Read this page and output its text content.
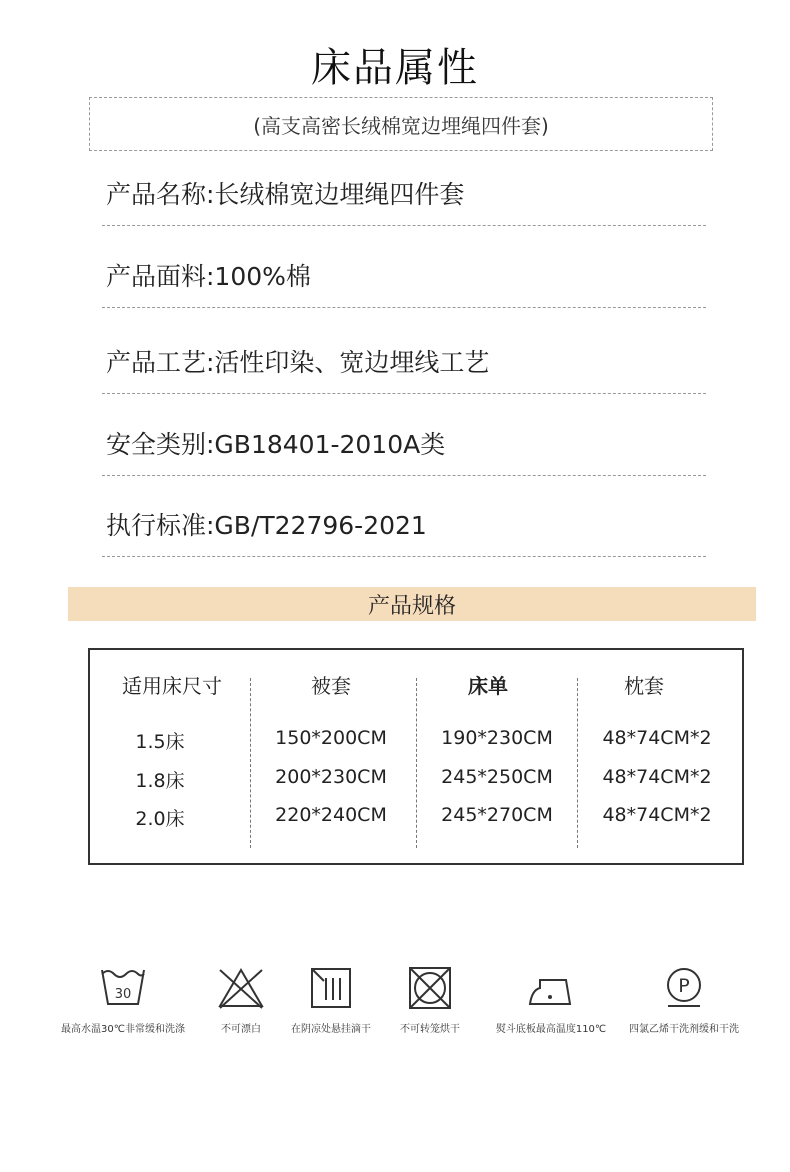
床品属性
(高支高密长绒棉宽边埋绳四件套)
产品名称:长绒棉宽边埋绳四件套
产品面料:100%棉
产品工艺:活性印染、宽边埋线工艺
安全类别:GB18401-2010A类
执行标准:GB/T22796-2021
产品规格
适用床尺寸	被套	床单	枕套
1.5床	150*200CM	190*230CM	48*74CM*2
1.8床	200*230CM	245*250CM	48*74CM*2
2.0床	220*240CM	245*270CM	48*74CM*2
30
最高水温30℃非常缓和洗涤	不可漂白	在阴凉处悬挂滴干	不可转笼烘干	熨斗底板最高温度110℃
P
四氯乙烯干洗剂缓和干洗
